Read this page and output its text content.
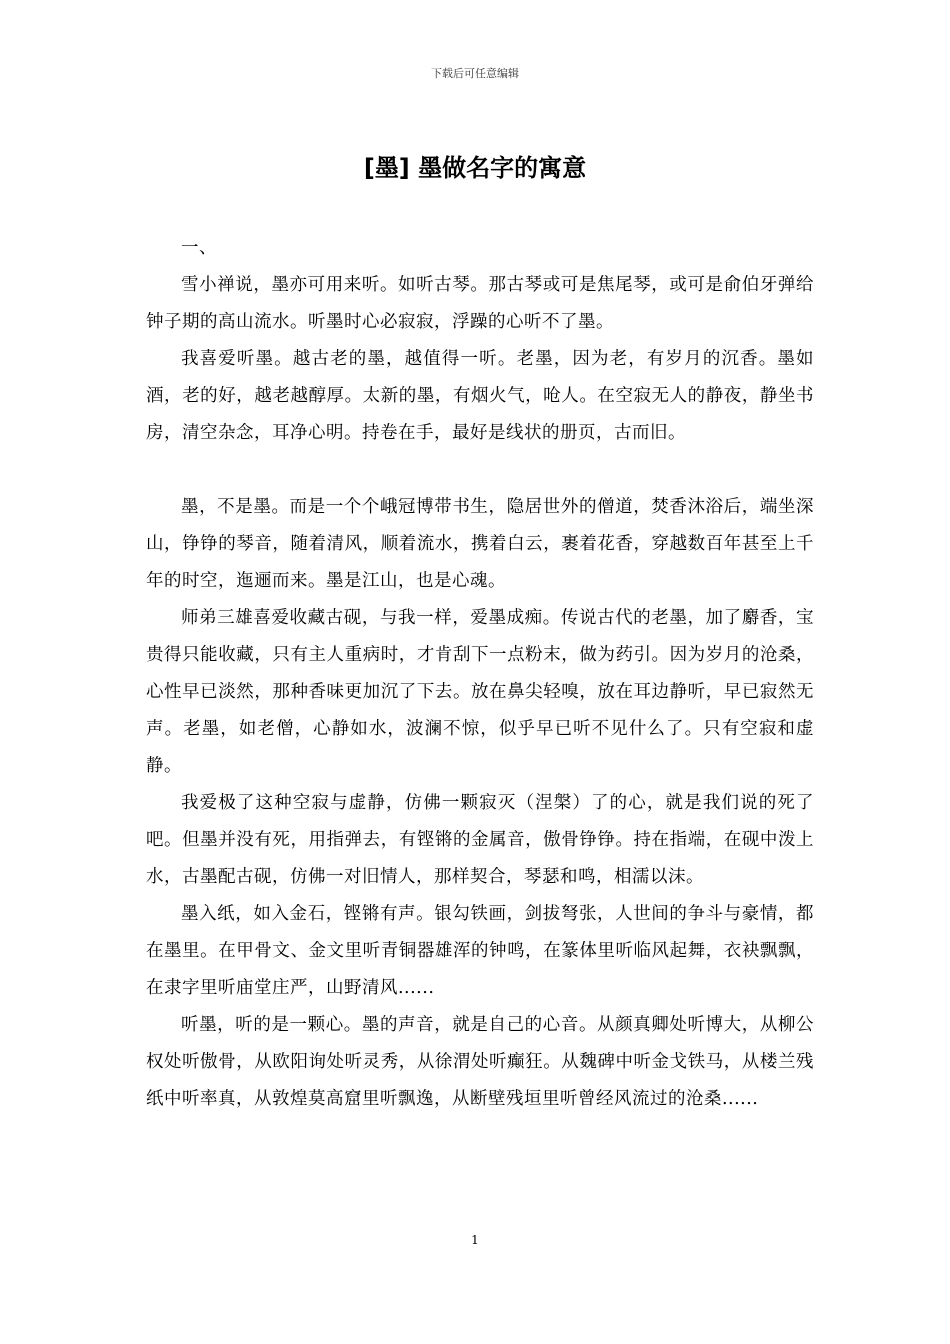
下载后可任意编辑
[墨] 墨做名字的寓意

一、

雪小禅说，墨亦可用来听。如听古琴。那古琴或可是焦尾琴，或可是俞伯牙弹给钟子期的高山流水。听墨时心必寂寂，浮躁的心听不了墨。

我喜爱听墨。越古老的墨，越值得一听。老墨，因为老，有岁月的沉香。墨如酒，老的好，越老越醇厚。太新的墨，有烟火气，呛人。在空寂无人的静夜，静坐书房，清空杂念，耳净心明。持卷在手，最好是线状的册页，古而旧。

墨，不是墨。而是一个个峨冠博带书生，隐居世外的僧道，焚香沐浴后，端坐深山，铮铮的琴音，随着清风，顺着流水，携着白云，裹着花香，穿越数百年甚至上千年的时空，迤逦而来。墨是江山，也是心魂。

师弟三雄喜爱收藏古砚，与我一样，爱墨成痴。传说古代的老墨，加了麝香，宝贵得只能收藏，只有主人重病时，才肯刮下一点粉末，做为药引。因为岁月的沧桑，心性早已淡然，那种香味更加沉了下去。放在鼻尖轻嗅，放在耳边静听，早已寂然无声。老墨，如老僧，心静如水，波澜不惊，似乎早已听不见什么了。只有空寂和虚静。

我爱极了这种空寂与虚静，仿佛一颗寂灭（涅槃）了的心，就是我们说的死了吧。但墨并没有死，用指弹去，有铿锵的金属音，傲骨铮铮。持在指端，在砚中泼上水，古墨配古砚，仿佛一对旧情人，那样契合，琴瑟和鸣，相濡以沫。

墨入纸，如入金石，铿锵有声。银勾铁画，剑拔弩张，人世间的争斗与豪情，都在墨里。在甲骨文、金文里听青铜器雄浑的钟鸣，在篆体里听临风起舞，衣袂飘飘，在隶字里听庙堂庄严，山野清风......

听墨，听的是一颗心。墨的声音，就是自己的心音。从颜真卿处听博大，从柳公权处听傲骨，从欧阳询处听灵秀，从徐渭处听癫狂。从魏碑中听金戈铁马，从楼兰残纸中听率真，从敦煌莫高窟里听飘逸，从断壁残垣里听曾经风流过的沧桑......

1
